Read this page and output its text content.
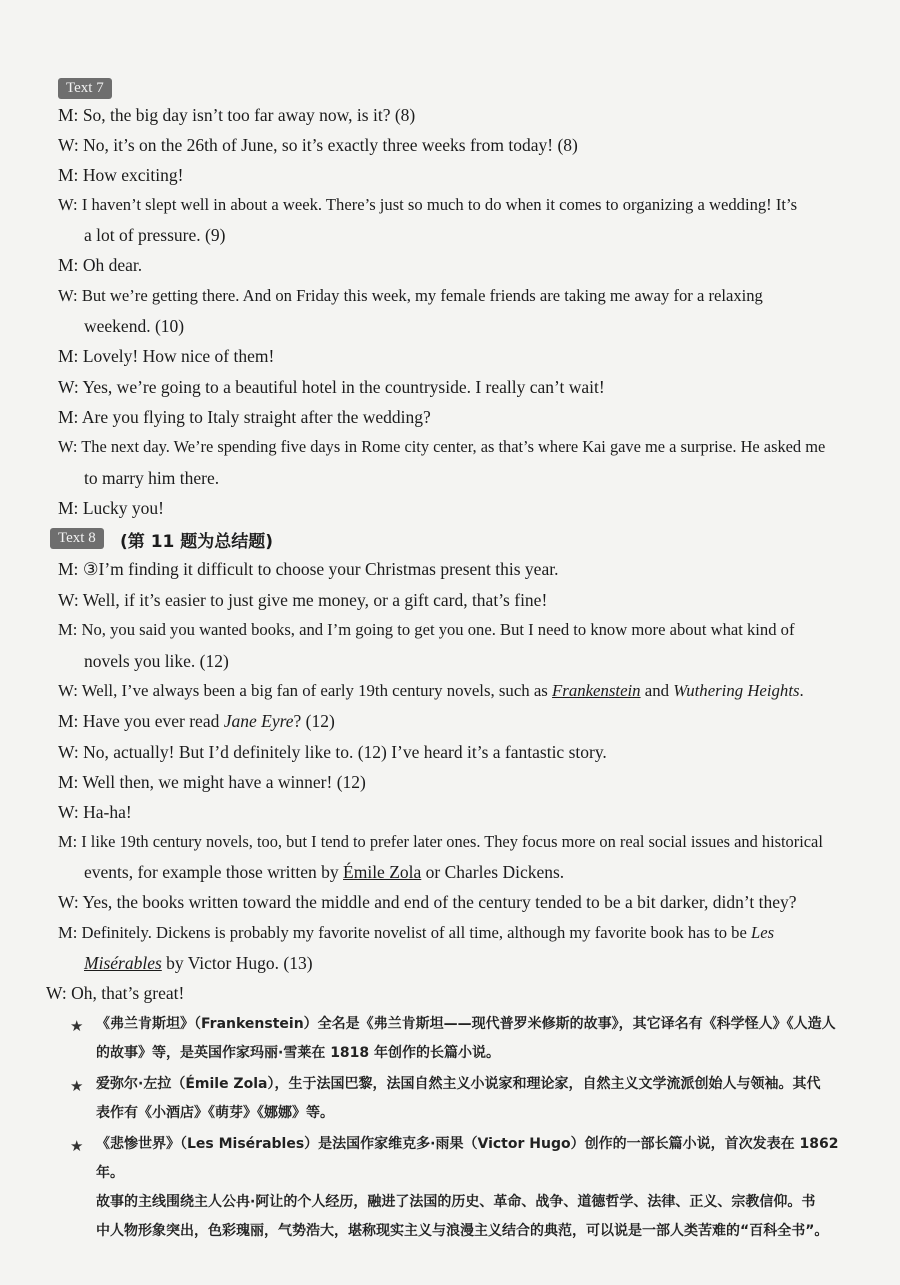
Text 7
M: So, the big day isn’t too far away now, is it? (8)
W: No, it’s on the 26th of June, so it’s exactly three weeks from today! (8)
M: How exciting!
W: I haven’t slept well in about a week. There’s just so much to do when it comes to organizing a wedding! It’s
a lot of pressure. (9)
M: Oh dear.
W: But we’re getting there. And on Friday this week, my female friends are taking me away for a relaxing
weekend. (10)
M: Lovely! How nice of them!
W: Yes, we’re going to a beautiful hotel in the countryside. I really can’t wait!
M: Are you flying to Italy straight after the wedding?
W: The next day. We’re spending five days in Rome city center, as that’s where Kai gave me a surprise. He asked me
to marry him there.
M: Lucky you!
Text 8	(第 11 题为总结题)
M: ③I’m finding it difficult to choose your Christmas present this year.
W: Well, if it’s easier to just give me money, or a gift card, that’s fine!
M: No, you said you wanted books, and I’m going to get you one. But I need to know more about what kind of
novels you like. (12)
W: Well, I’ve always been a big fan of early 19th century novels, such as Frankenstein and Wuthering Heights.
M: Have you ever read Jane Eyre? (12)
W: No, actually! But I’d definitely like to. (12) I’ve heard it’s a fantastic story.
M: Well then, we might have a winner! (12)
W: Ha-ha!
M: I like 19th century novels, too, but I tend to prefer later ones. They focus more on real social issues and historical
events, for example those written by Émile Zola or Charles Dickens.
W: Yes, the books written toward the middle and end of the century tended to be a bit darker, didn’t they?
M: Definitely. Dickens is probably my favorite novelist of all time, although my favorite book has to be Les
Misérables by Victor Hugo. (13)
W: Oh, that’s great!
★ 《弗兰肯斯坦》（Frankenstein）全名是《弗兰肯斯坦——现代普罗米修斯的故事》，其它译名有《科学怪人》《人造人
的故事》等，是英国作家玛丽·雪莱在 1818 年创作的长篇小说。
★ 爱弥尔·左拉（Émile Zola），生于法国巴黎，法国自然主义小说家和理论家，自然主义文学流派创始人与领袖。其代
表作有《小酒店》《萌芽》《娜娜》等。
★ 《悲惨世界》（Les Misérables）是法国作家维克多·雨果（Victor Hugo）创作的一部长篇小说，首次发表在 1862 年。
故事的主线围绕主人公冉·阿让的个人经历，融进了法国的历史、革命、战争、道德哲学、法律、正义、宗教信仰。书
中人物形象突出，色彩瑰丽，气势浩大，堪称现实主义与浪漫主义结合的典范，可以说是一部人类苦难的“百科全书”。
